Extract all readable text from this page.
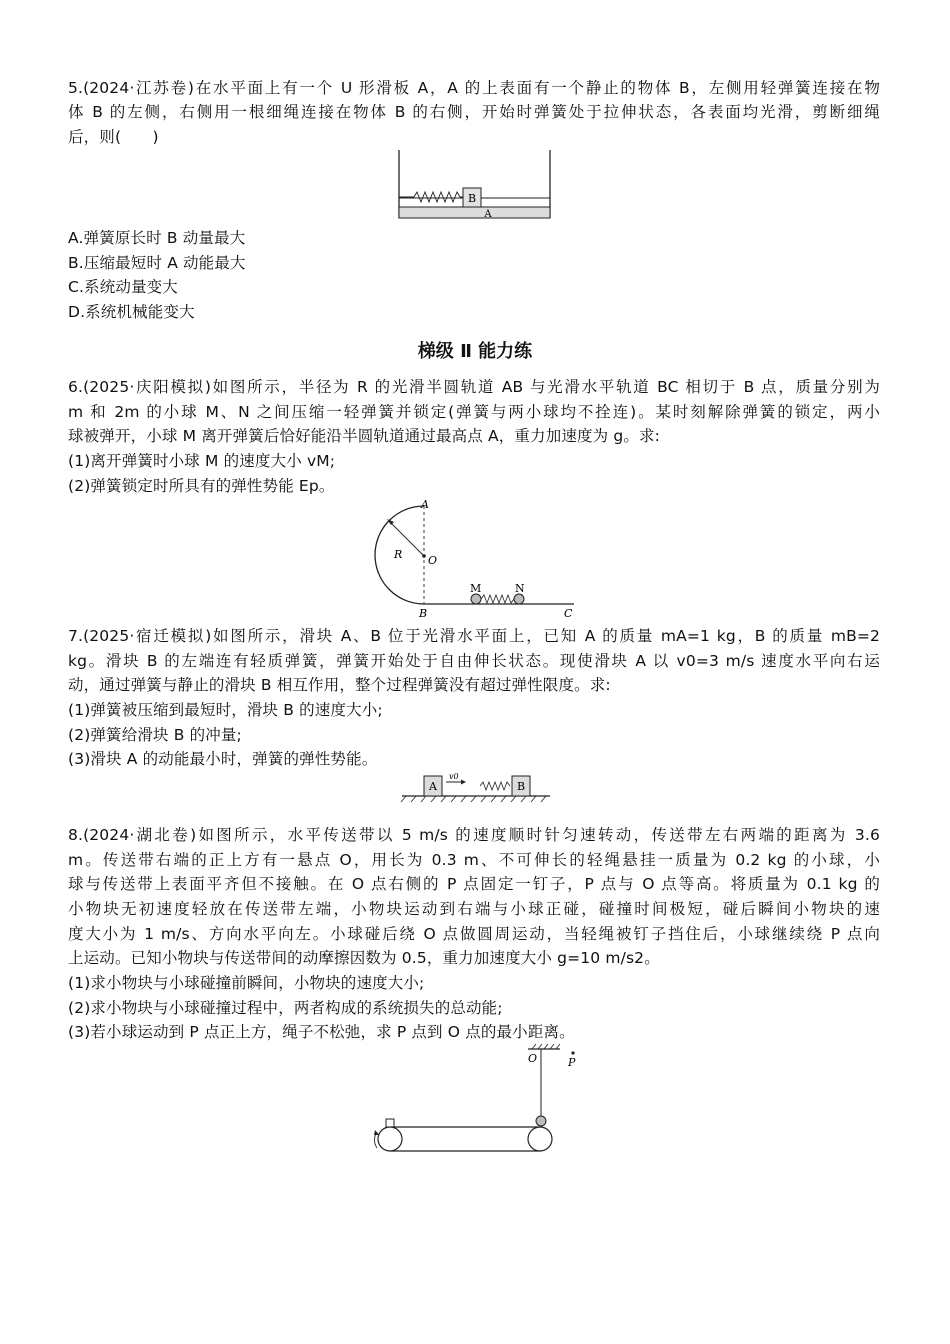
5.(2024·江苏卷)在水平面上有一个 U 形滑板 A，A 的上表面有一个静止的物体 B，左侧用轻弹簧连接在物
体 B 的左侧，右侧用一根细绳连接在物体 B 的右侧，开始时弹簧处于拉伸状态，各表面均光滑，剪断细绳
后，则(　　)
B
A
A.弹簧原长时 B 动量最大
B.压缩最短时 A 动能最大
C.系统动量变大
D.系统机械能变大
梯级 Ⅱ 能力练
6.(2025·庆阳模拟)如图所示，半径为 R 的光滑半圆轨道 AB 与光滑水平轨道 BC 相切于 B 点，质量分别为
m 和 2m 的小球 M、N 之间压缩一轻弹簧并锁定(弹簧与两小球均不拴连)。某时刻解除弹簧的锁定，两小
球被弹开，小球 M 离开弹簧后恰好能沿半圆轨道通过最高点 A，重力加速度为 g。求:
(1)离开弹簧时小球 M 的速度大小 vM;
(2)弹簧锁定时所具有的弹性势能 Ep。
A
R O
B	C
M	N
7.(2025·宿迁模拟)如图所示，滑块 A、B 位于光滑水平面上，已知 A 的质量 mA=1 kg，B 的质量 mB=2
kg。滑块 B 的左端连有轻质弹簧，弹簧开始处于自由伸长状态。现使滑块 A 以 v0=3 m/s 速度水平向右运
动，通过弹簧与静止的滑块 B 相互作用，整个过程弹簧没有超过弹性限度。求:
(1)弹簧被压缩到最短时，滑块 B 的速度大小;
(2)弹簧给滑块 B 的冲量;
(3)滑块 A 的动能最小时，弹簧的弹性势能。
A
v0
B
8.(2024·湖北卷)如图所示，水平传送带以 5 m/s 的速度顺时针匀速转动，传送带左右两端的距离为 3.6
m。传送带右端的正上方有一悬点 O，用长为 0.3 m、不可伸长的轻绳悬挂一质量为 0.2 kg 的小球，小
球与传送带上表面平齐但不接触。在 O 点右侧的 P 点固定一钉子，P 点与 O 点等高。将质量为 0.1 kg 的
小物块无初速度轻放在传送带左端，小物块运动到右端与小球正碰，碰撞时间极短，碰后瞬间小物块的速
度大小为 1 m/s、方向水平向左。小球碰后绕 O 点做圆周运动，当轻绳被钉子挡住后，小球继续绕 P 点向
上运动。已知小物块与传送带间的动摩擦因数为 0.5，重力加速度大小 g=10 m/s2。
(1)求小物块与小球碰撞前瞬间，小物块的速度大小;
(2)求小物块与小球碰撞过程中，两者构成的系统损失的总动能;
(3)若小球运动到 P 点正上方，绳子不松弛，求 P 点到 O 点的最小距离。
O	P
